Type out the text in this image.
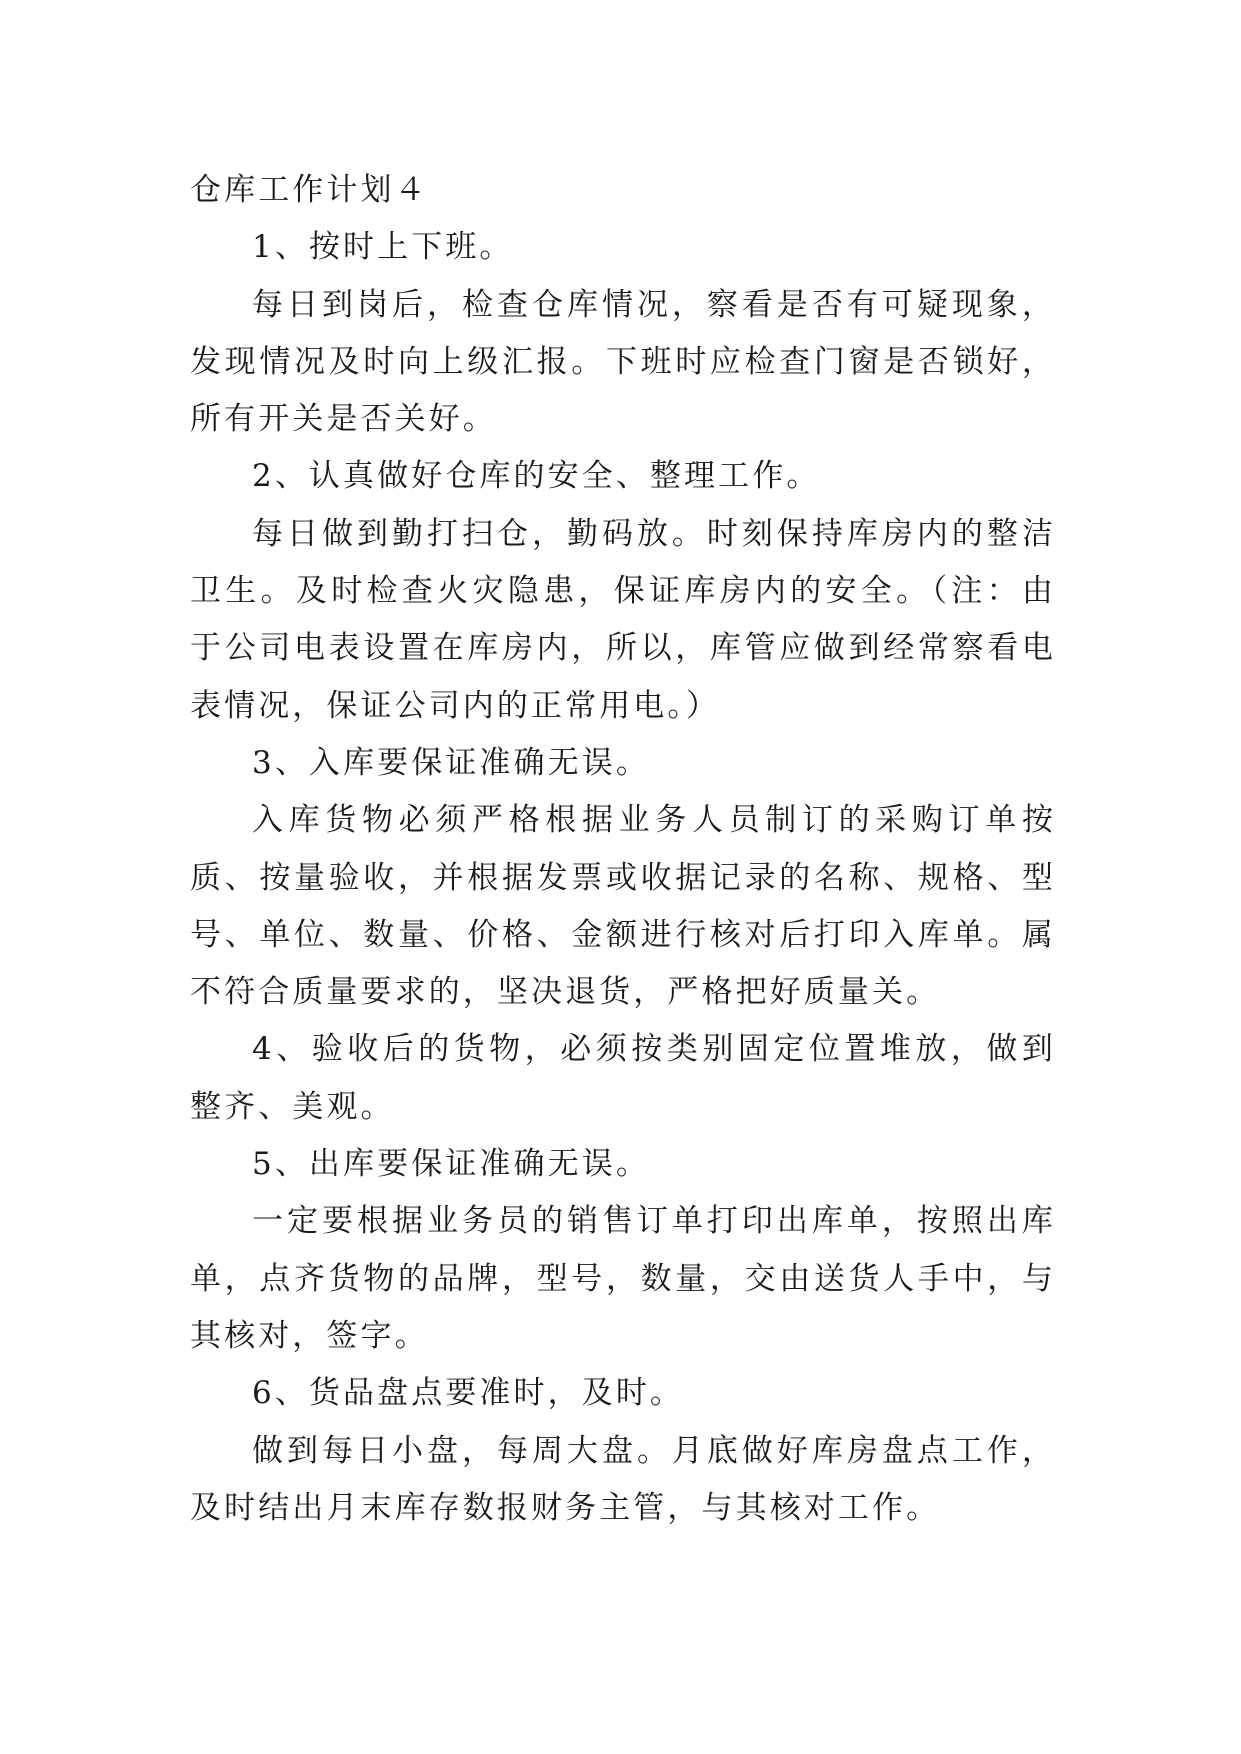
仓库工作计划４

1、按时上下班。

每日到岗后，检查仓库情况，察看是否有可疑现象，发现情况及时向上级汇报。下班时应检查门窗是否锁好，所有开关是否关好。

2、认真做好仓库的安全、整理工作。

每日做到勤打扫仓，勤码放。时刻保持库房内的整洁卫生。及时检查火灾隐患，保证库房内的安全。（注：由于公司电表设置在库房内，所以，库管应做到经常察看电表情况，保证公司内的正常用电。）

3、入库要保证准确无误。

入库货物必须严格根据业务人员制订的采购订单按质、按量验收，并根据发票或收据记录的名称、规格、型号、单位、数量、价格、金额进行核对后打印入库单。属不符合质量要求的，坚决退货，严格把好质量关。

4、验收后的货物，必须按类别固定位置堆放，做到整齐、美观。

5、出库要保证准确无误。

一定要根据业务员的销售订单打印出库单，按照出库单，点齐货物的品牌，型号，数量，交由送货人手中，与其核对，签字。

6、货品盘点要准时，及时。

做到每日小盘，每周大盘。月底做好库房盘点工作，及时结出月末库存数报财务主管，与其核对工作。
